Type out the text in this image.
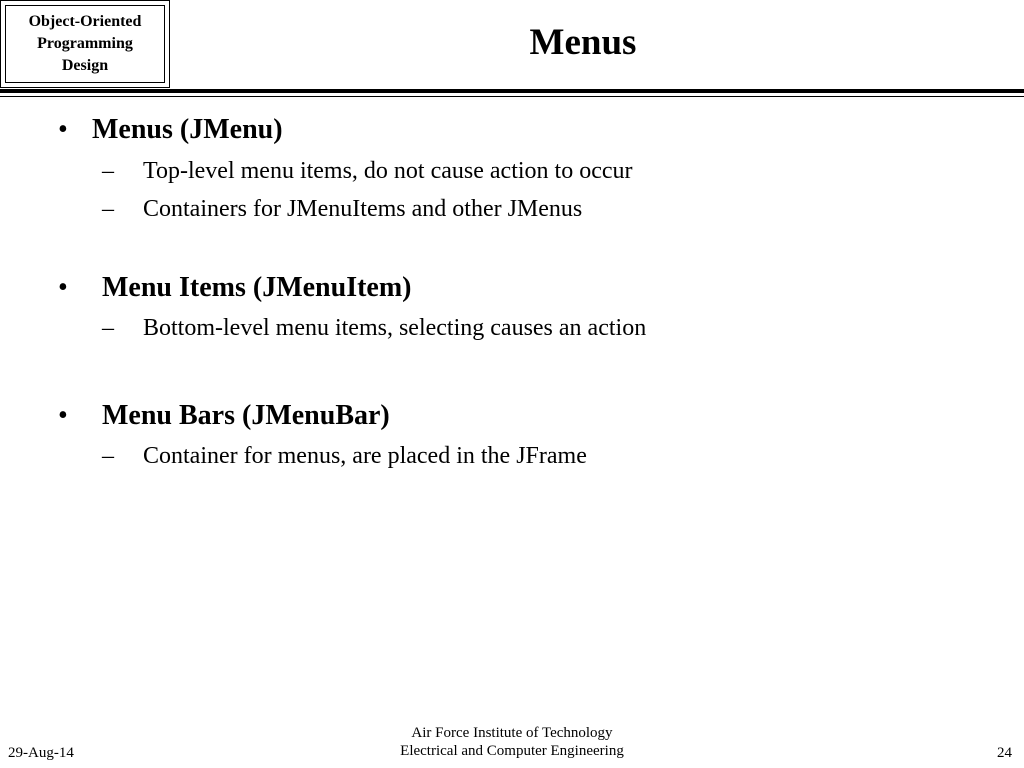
Object-Oriented
Programming
Design
Menus
• Menus (JMenu)
– Top-level menu items, do not cause action to occur
– Containers for JMenuItems and other JMenus
• Menu Items (JMenuItem)
– Bottom-level menu items, selecting causes an action
• Menu Bars (JMenuBar)
– Container for menus, are placed in the JFrame
29-Aug-14
Air Force Institute of Technology
Electrical and Computer Engineering	24
